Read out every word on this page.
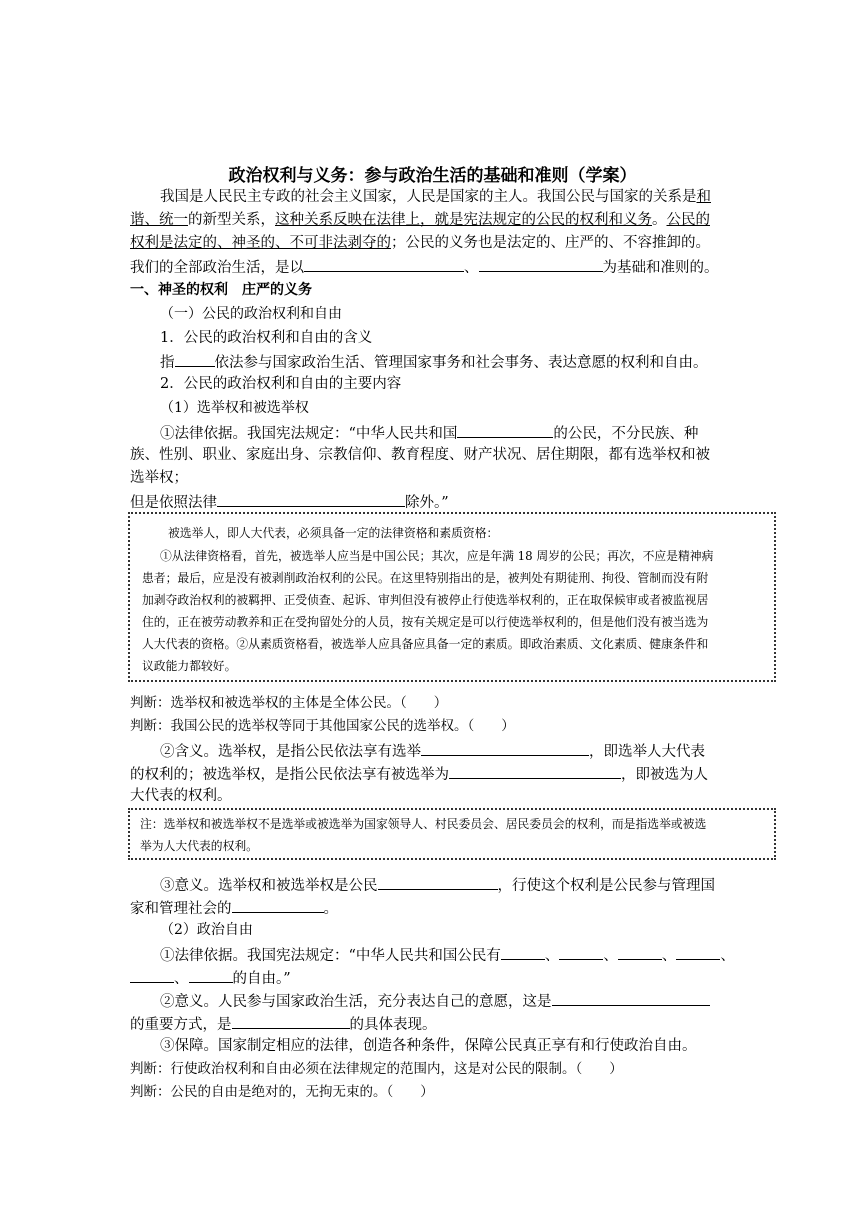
政治权利与义务：参与政治生活的基础和准则（学案）
我国是人民民主专政的社会主义国家，人民是国家的主人。我国公民与国家的关系是和
谐、统一的新型关系，这种关系反映在法律上，就是宪法规定的公民的权利和义务。公民的
权利是法定的、神圣的、不可非法剥夺的；公民的义务也是法定的、庄严的、不容推卸的。
我们的全部政治生活，是以	、	为基础和准则的。
一、神圣的权利　庄严的义务
（一）公民的政治权利和自由
1．公民的政治权利和自由的含义
指	依法参与国家政治生活、管理国家事务和社会事务、表达意愿的权利和自由。
2．公民的政治权利和自由的主要内容
（1）选举权和被选举权
①法律依据。我国宪法规定：“中华人民共和国	的公民，不分民族、种
族、性别、职业、家庭出身、宗教信仰、教育程度、财产状况、居住期限，都有选举权和被
选举权；
但是依照法律	除外。”
被选举人，即人大代表，必须具备一定的法律资格和素质资格：
①从法律资格看，首先，被选举人应当是中国公民；其次，应是年满 18 周岁的公民；再次，不应是精神病
患者；最后，应是没有被剥削政治权利的公民。在这里特别指出的是，被判处有期徒刑、拘役、管制而没有附
加剥夺政治权利的被羁押、正受侦查、起诉、审判但没有被停止行使选举权利的，正在取保候审或者被监视居
住的，正在被劳动教养和正在受拘留处分的人员，按有关规定是可以行使选举权利的，但是他们没有被当选为
人大代表的资格。②从素质资格看，被选举人应具备应具备一定的素质。即政治素质、文化素质、健康条件和
议政能力都较好。
判断：选举权和被选举权的主体是全体公民。（　　）
判断：我国公民的选举权等同于其他国家公民的选举权。（　　）
②含义。选举权，是指公民依法享有选举	，即选举人大代表
的权利的；被选举权，是指公民依法享有被选举为	，即被选为人
大代表的权利。
注：选举权和被选举权不是选举或被选举为国家领导人、村民委员会、居民委员会的权利，而是指选举或被选
举为人大代表的权利。
③意义。选举权和被选举权是公民	，行使这个权利是公民参与管理国
家和管理社会的	。
（2）政治自由
①法律依据。我国宪法规定：“中华人民共和国公民有	、	、	、	、
、	的自由。”
②意义。人民参与国家政治生活，充分表达自己的意愿，这是
的重要方式，是	的具体表现。
③保障。国家制定相应的法律，创造各种条件，保障公民真正享有和行使政治自由。
判断：行使政治权利和自由必须在法律规定的范围内，这是对公民的限制。（　　）
判断：公民的自由是绝对的，无拘无束的。（　　）
